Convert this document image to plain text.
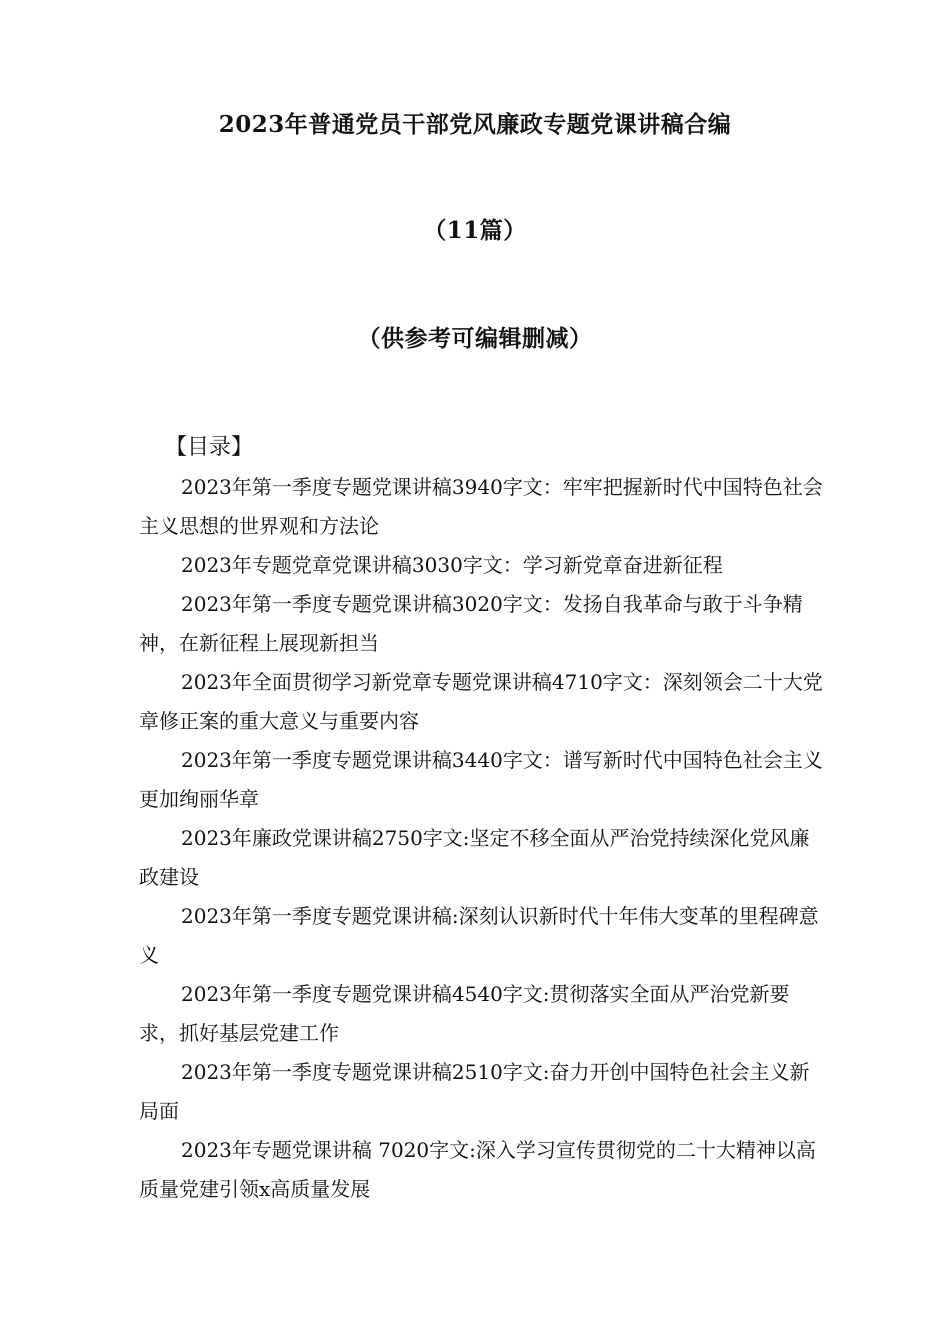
2023年普通党员干部党风廉政专题党课讲稿合编
（11篇）
（供参考可编辑删减）
【目录】
2023年第一季度专题党课讲稿3940字文：牢牢把握新时代中国特色社会主义思想的世界观和方法论
2023年专题党章党课讲稿3030字文：学习新党章奋进新征程
2023年第一季度专题党课讲稿3020字文：发扬自我革命与敢于斗争精神，在新征程上展现新担当
2023年全面贯彻学习新党章专题党课讲稿4710字文：深刻领会二十大党章修正案的重大意义与重要内容
2023年第一季度专题党课讲稿3440字文：谱写新时代中国特色社会主义更加绚丽华章
2023年廉政党课讲稿2750字文:坚定不移全面从严治党持续深化党风廉政建设
2023年第一季度专题党课讲稿:深刻认识新时代十年伟大变革的里程碑意义
2023年第一季度专题党课讲稿4540字文:贯彻落实全面从严治党新要求，抓好基层党建工作
2023年第一季度专题党课讲稿2510字文:奋力开创中国特色社会主义新局面
2023年专题党课讲稿 7020字文:深入学习宣传贯彻党的二十大精神以高质量党建引领x高质量发展
